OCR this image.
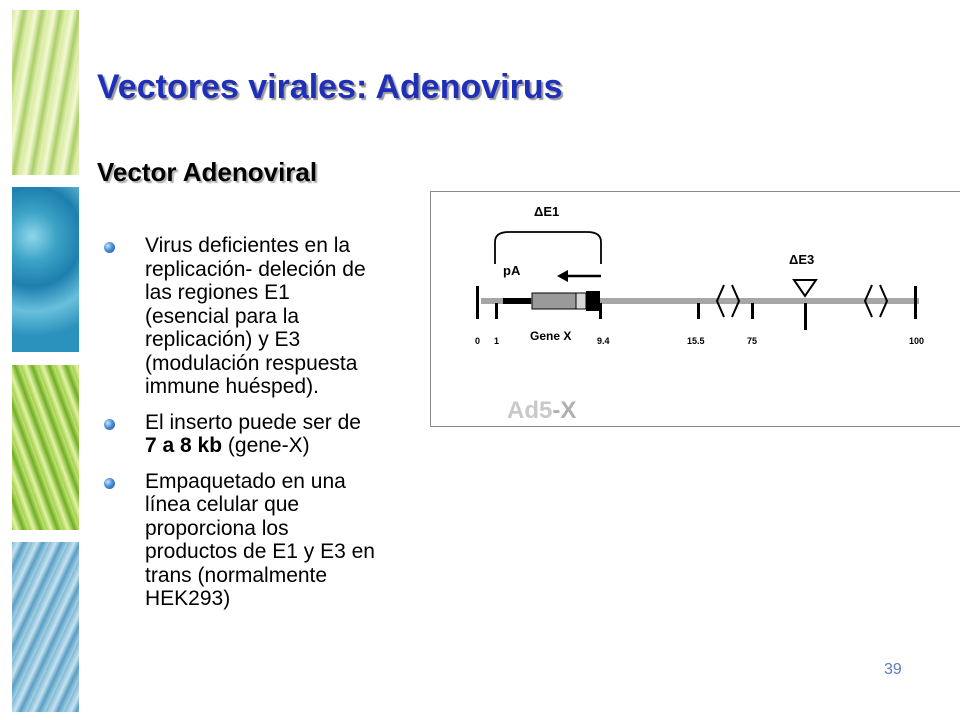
Vectores virales: Adenovirus
Vector Adenoviral
Virus deficientes en la
replicación- deleción de
las regiones E1
(esencial para la
replicación) y E3
(modulación respuesta
immune huésped).
El inserto puede ser de
7 a 8 kb (gene-X)
Empaquetado en una
línea celular que
proporciona los
productos de E1 y E3 en
trans (normalmente
HEK293)
ΔE1
ΔE3
pA
Gene X
0 1	9.4	15.5	75	100
Ad5-X
39
